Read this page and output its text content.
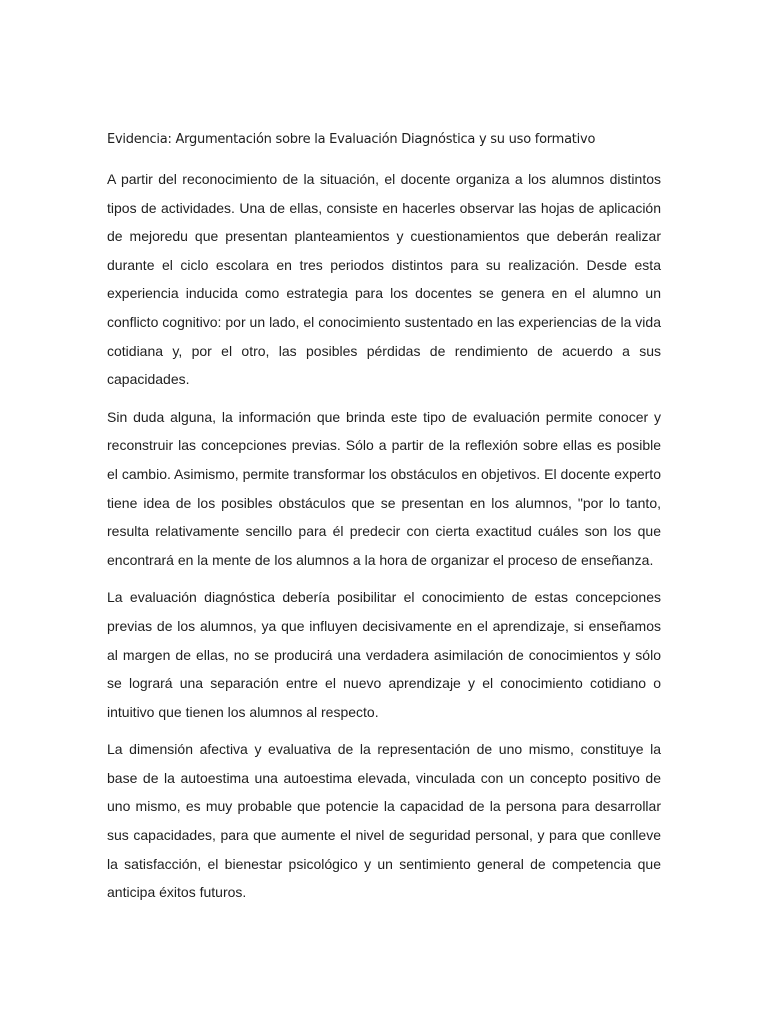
Evidencia: Argumentación sobre la Evaluación Diagnóstica y su uso formativo

A partir del reconocimiento de la situación, el docente organiza a los alumnos distintos tipos de actividades. Una de ellas, consiste en hacerles observar las hojas de aplicación de mejoredu que presentan planteamientos y cuestionamientos que deberán realizar durante el ciclo escolara en tres periodos distintos para su realización. Desde esta experiencia inducida como estrategia para los docentes se genera en el alumno un conflicto cognitivo: por un lado, el conocimiento sustentado en las experiencias de la vida cotidiana y, por el otro, las posibles pérdidas de rendimiento de acuerdo a sus capacidades.

Sin duda alguna, la información que brinda este tipo de evaluación permite conocer y reconstruir las concepciones previas. Sólo a partir de la reflexión sobre ellas es posible el cambio. Asimismo, permite transformar los obstáculos en objetivos. El docente experto tiene idea de los posibles obstáculos que se presentan en los alumnos, "por lo tanto, resulta relativamente sencillo para él predecir con cierta exactitud cuáles son los que encontrará en la mente de los alumnos a la hora de organizar el proceso de enseñanza.

La evaluación diagnóstica debería posibilitar el conocimiento de estas concepciones previas de los alumnos, ya que influyen decisivamente en el aprendizaje, si enseñamos al margen de ellas, no se producirá una verdadera asimilación de conocimientos y sólo se logrará una separación entre el nuevo aprendizaje y el conocimiento cotidiano o intuitivo que tienen los alumnos al respecto.

La dimensión afectiva y evaluativa de la representación de uno mismo, constituye la base de la autoestima una autoestima elevada, vinculada con un concepto positivo de uno mismo, es muy probable que potencie la capacidad de la persona para desarrollar sus capacidades, para que aumente el nivel de seguridad personal, y para que conlleve la satisfacción, el bienestar psicológico y un sentimiento general de competencia que anticipa éxitos futuros.
